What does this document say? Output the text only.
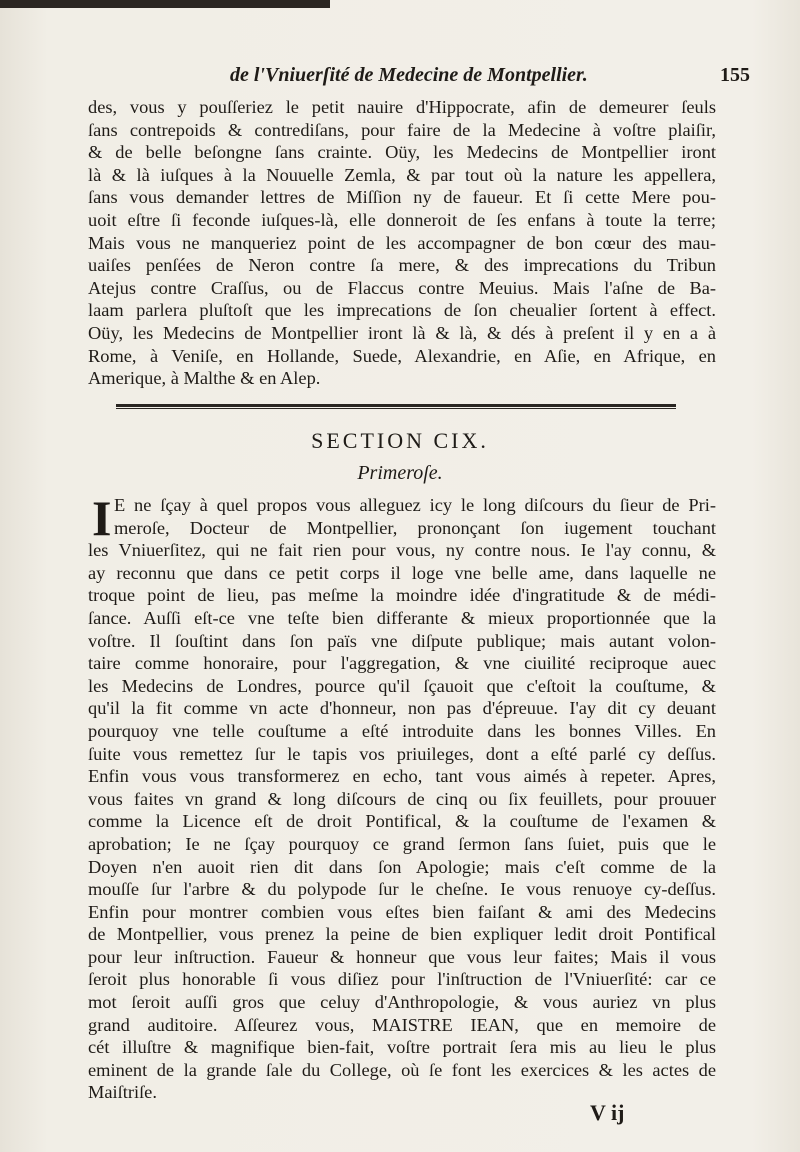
de l'Vniuerſité de Medecine de Montpellier.	155
des, vous y pouſſeriez le petit nauire d'Hippocrate, afin de demeurer ſeuls
ſans contrepoids & contrediſans, pour faire de la Medecine à voſtre plaiſir,
& de belle beſongne ſans crainte. Oüy, les Medecins de Montpellier iront
là & là iuſques à la Nouuelle Zemla, & par tout où la nature les appellera,
ſans vous demander lettres de Miſſion ny de faueur. Et ſi cette Mere pou-
uoit eſtre ſi feconde iuſques-là, elle donneroit de ſes enfans à toute la terre;
Mais vous ne manqueriez point de les accompagner de bon cœur des mau-
uaiſes penſées de Neron contre ſa mere, & des imprecations du Tribun
Atejus contre Craſſus, ou de Flaccus contre Meuius. Mais l'aſne de Ba-
laam parlera pluſtoſt que les imprecations de ſon cheualier ſortent à effect.
Oüy, les Medecins de Montpellier iront là & là, & dés à preſent il y en a à
Rome, à Veniſe, en Hollande, Suede, Alexandrie, en Aſie, en Afrique, en
Amerique, à Malthe & en Alep.
SECTION CIX.
Primeroſe.
I E ne ſçay à quel propos vous alleguez icy le long diſcours du ſieur de Pri-
meroſe, Docteur de Montpellier, prononçant ſon iugement touchant
les Vniuerſitez, qui ne fait rien pour vous, ny contre nous. Ie l'ay connu, &
ay reconnu que dans ce petit corps il loge vne belle ame, dans laquelle ne
troque point de lieu, pas meſme la moindre idée d'ingratitude & de médi-
ſance. Auſſi eſt-ce vne teſte bien differante & mieux proportionnée que la
voſtre. Il ſouſtint dans ſon païs vne diſpute publique; mais autant volon-
taire comme honoraire, pour l'aggregation, & vne ciuilité reciproque auec
les Medecins de Londres, pource qu'il ſçauoit que c'eſtoit la couſtume, &
qu'il la fit comme vn acte d'honneur, non pas d'épreuue. I'ay dit cy deuant
pourquoy vne telle couſtume a eſté introduite dans les bonnes Villes. En
ſuite vous remettez ſur le tapis vos priuileges, dont a eſté parlé cy deſſus.
Enfin vous vous transformerez en echo, tant vous aimés à repeter. Apres,
vous faites vn grand & long diſcours de cinq ou ſix feuillets, pour prouuer
comme la Licence eſt de droit Pontifical, & la couſtume de l'examen &
aprobation; Ie ne ſçay pourquoy ce grand ſermon ſans ſuiet, puis que le
Doyen n'en auoit rien dit dans ſon Apologie; mais c'eſt comme de la
mouſſe ſur l'arbre & du polypode ſur le cheſne. Ie vous renuoye cy-deſſus.
Enfin pour montrer combien vous eſtes bien faiſant & ami des Medecins
de Montpellier, vous prenez la peine de bien expliquer ledit droit Pontifical
pour leur inſtruction. Faueur & honneur que vous leur faites; Mais il vous
ſeroit plus honorable ſi vous diſiez pour l'inſtruction de l'Vniuerſité: car ce
mot ſeroit auſſi gros que celuy d'Anthropologie, & vous auriez vn plus
grand auditoire. Aſſeurez vous, MAISTRE IEAN, que en memoire de
cét illuſtre & magnifique bien-fait, voſtre portrait ſera mis au lieu le plus
eminent de la grande ſale du College, où ſe font les exercices & les actes de
Maiſtriſe.
V ij
